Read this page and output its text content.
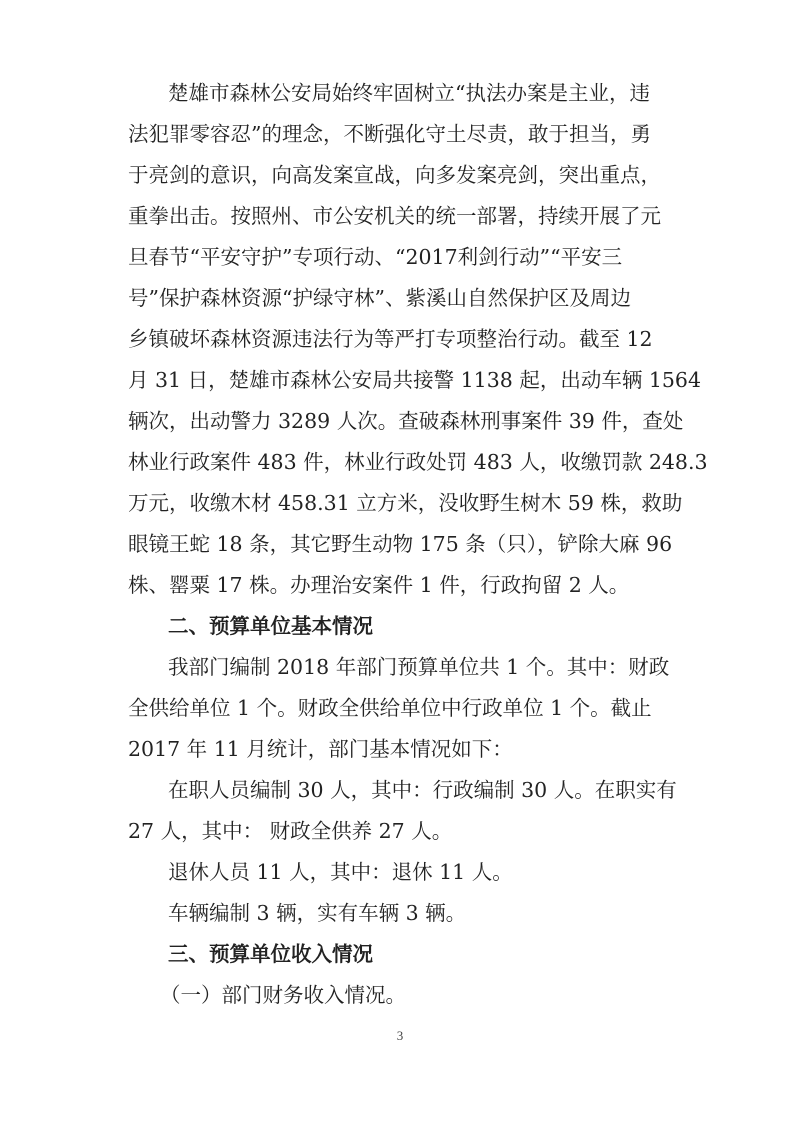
楚雄市森林公安局始终牢固树立“执法办案是主业，违
法犯罪零容忍”的理念，不断强化守土尽责，敢于担当，勇
于亮剑的意识，向高发案宣战，向多发案亮剑，突出重点，
重拳出击。按照州、市公安机关的统一部署，持续开展了元
旦春节“平安守护”专项行动、“2017利剑行动”“平安三
号”保护森林资源“护绿守林”、紫溪山自然保护区及周边
乡镇破坏森林资源违法行为等严打专项整治行动。截至 12
月 31 日，楚雄市森林公安局共接警 1138 起，出动车辆 1564
辆次，出动警力 3289 人次。查破森林刑事案件 39 件，查处
林业行政案件 483 件，林业行政处罚 483 人，收缴罚款 248.3
万元，收缴木材 458.31 立方米，没收野生树木 59 株，救助
眼镜王蛇 18 条，其它野生动物 175 条（只），铲除大麻 96
株、罂粟 17 株。办理治安案件 1 件，行政拘留 2 人。
二、预算单位基本情况
我部门编制 2018 年部门预算单位共 1 个。其中：财政
全供给单位 1 个。财政全供给单位中行政单位 1 个。截止
2017 年 11 月统计，部门基本情况如下：
在职人员编制 30 人，其中：行政编制 30 人。在职实有
27 人，其中： 财政全供养 27 人。
退休人员 11 人，其中：退休 11 人。
车辆编制 3 辆，实有车辆 3 辆。
三、预算单位收入情况
（一）部门财务收入情况。
3
